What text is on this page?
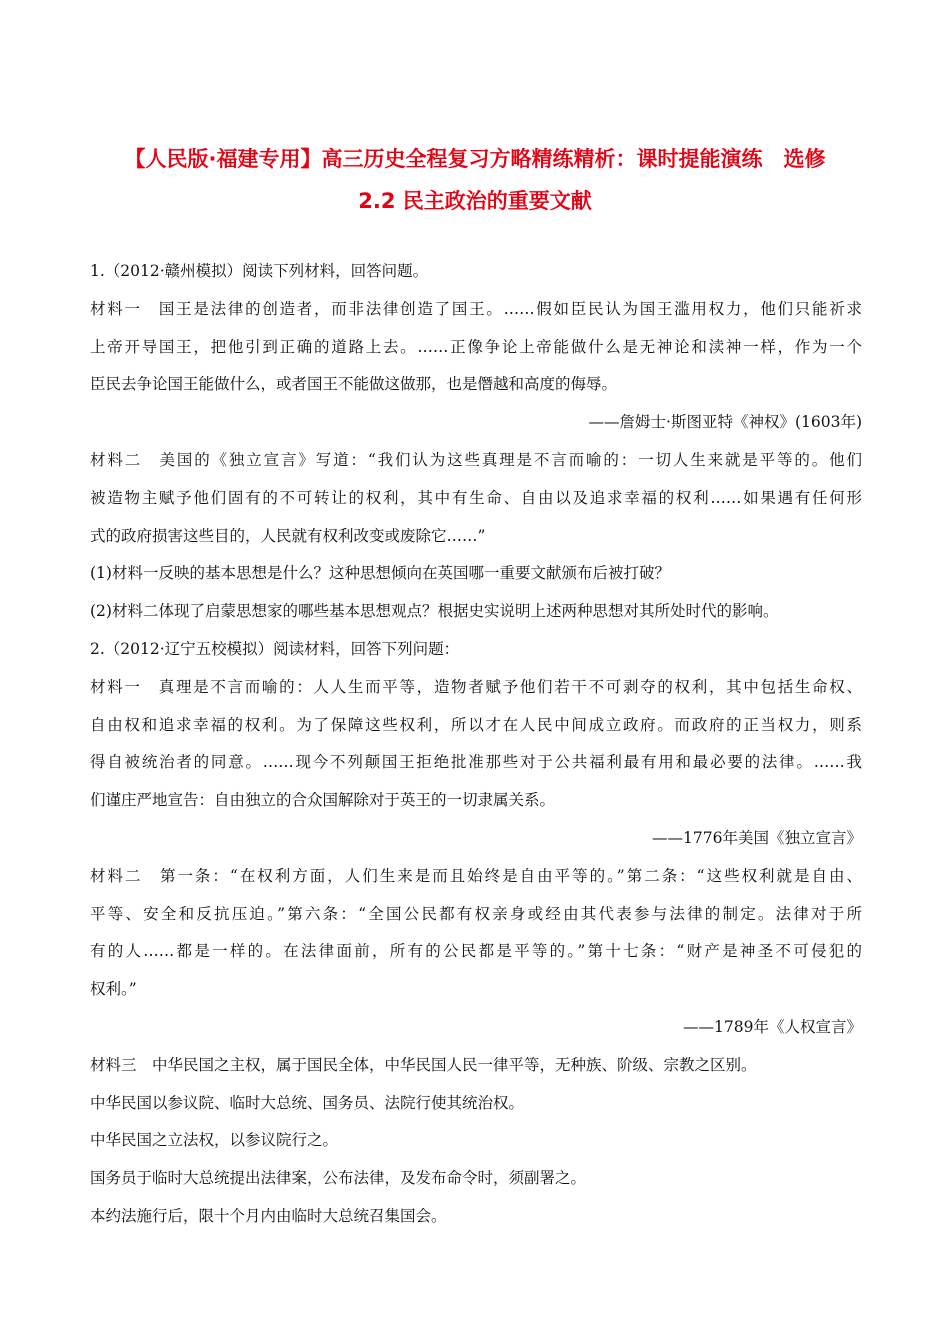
【人民版·福建专用】高三历史全程复习方略精练精析：课时提能演练　选修
2.2 民主政治的重要文献
1.（2012·赣州模拟）阅读下列材料，回答问题。
材料一　国王是法律的创造者，而非法律创造了国王。……假如臣民认为国王滥用权力，他们只能祈求
上帝开导国王，把他引到正确的道路上去。……正像争论上帝能做什么是无神论和渎神一样，作为一个
臣民去争论国王能做什么，或者国王不能做这做那，也是僭越和高度的侮辱。
——詹姆士·斯图亚特《神权》(1603年)
材料二　美国的《独立宣言》写道：“我们认为这些真理是不言而喻的：一切人生来就是平等的。他们
被造物主赋予他们固有的不可转让的权利，其中有生命、自由以及追求幸福的权利……如果遇有任何形
式的政府损害这些目的，人民就有权利改变或废除它……”
(1)材料一反映的基本思想是什么？这种思想倾向在英国哪一重要文献颁布后被打破？
(2)材料二体现了启蒙思想家的哪些基本思想观点？根据史实说明上述两种思想对其所处时代的影响。
2.（2012·辽宁五校模拟）阅读材料，回答下列问题：
材料一　真理是不言而喻的：人人生而平等，造物者赋予他们若干不可剥夺的权利，其中包括生命权、
自由权和追求幸福的权利。为了保障这些权利，所以才在人民中间成立政府。而政府的正当权力，则系
得自被统治者的同意。……现今不列颠国王拒绝批准那些对于公共福利最有用和最必要的法律。……我
们谨庄严地宣告：自由独立的合众国解除对于英王的一切隶属关系。
——1776年美国《独立宣言》
材料二　第一条：“在权利方面，人们生来是而且始终是自由平等的。”第二条：“这些权利就是自由、
平等、安全和反抗压迫。”第六条：“全国公民都有权亲身或经由其代表参与法律的制定。法律对于所
有的人……都是一样的。在法律面前，所有的公民都是平等的。”第十七条：“财产是神圣不可侵犯的
权利。”
——1789年《人权宣言》
材料三　中华民国之主权，属于国民全体，中华民国人民一律平等，无种族、阶级、宗教之区别。
中华民国以参议院、临时大总统、国务员、法院行使其统治权。
中华民国之立法权，以参议院行之。
国务员于临时大总统提出法律案，公布法律，及发布命令时，须副署之。
本约法施行后，限十个月内由临时大总统召集国会。
